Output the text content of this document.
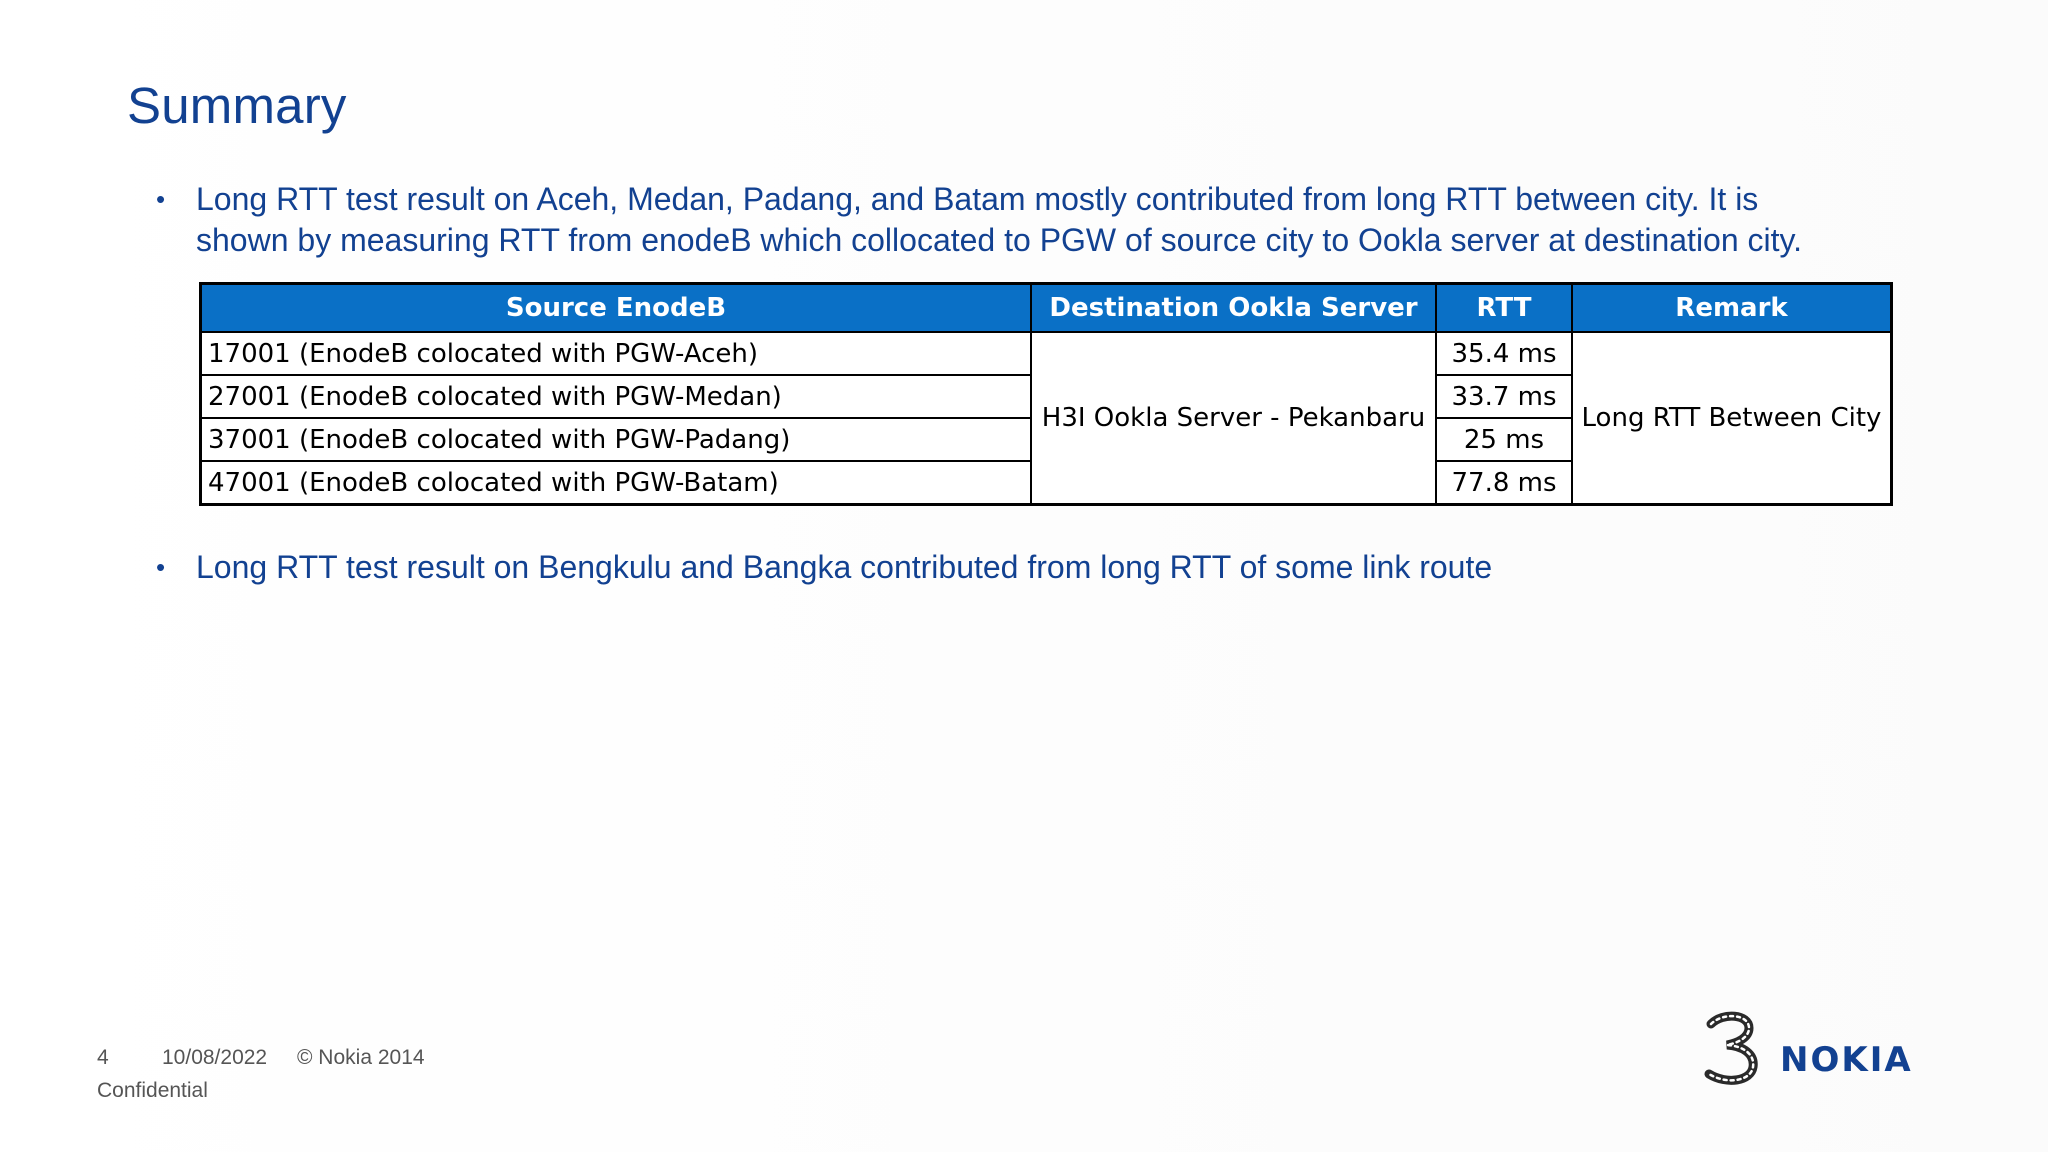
Summary
• Long RTT test result on Aceh, Medan, Padang, and Batam mostly contributed from long RTT between city. It is
shown by measuring RTT from enodeB which collocated to PGW of source city to Ookla server at destination city.
Source EnodeB	Destination Ookla Server	RTT	Remark
17001 (EnodeB colocated with PGW-Aceh)	H3I Ookla Server - Pekanbaru	35.4 ms	Long RTT Between City
27001 (EnodeB colocated with PGW-Medan)		33.7 ms	
37001 (EnodeB colocated with PGW-Padang)		25 ms	
47001 (EnodeB colocated with PGW-Batam)		77.8 ms	
• Long RTT test result on Bengkulu and Bangka contributed from long RTT of some link route
4	10/08/2022 © Nokia 2014
Confidential
NOKIA
